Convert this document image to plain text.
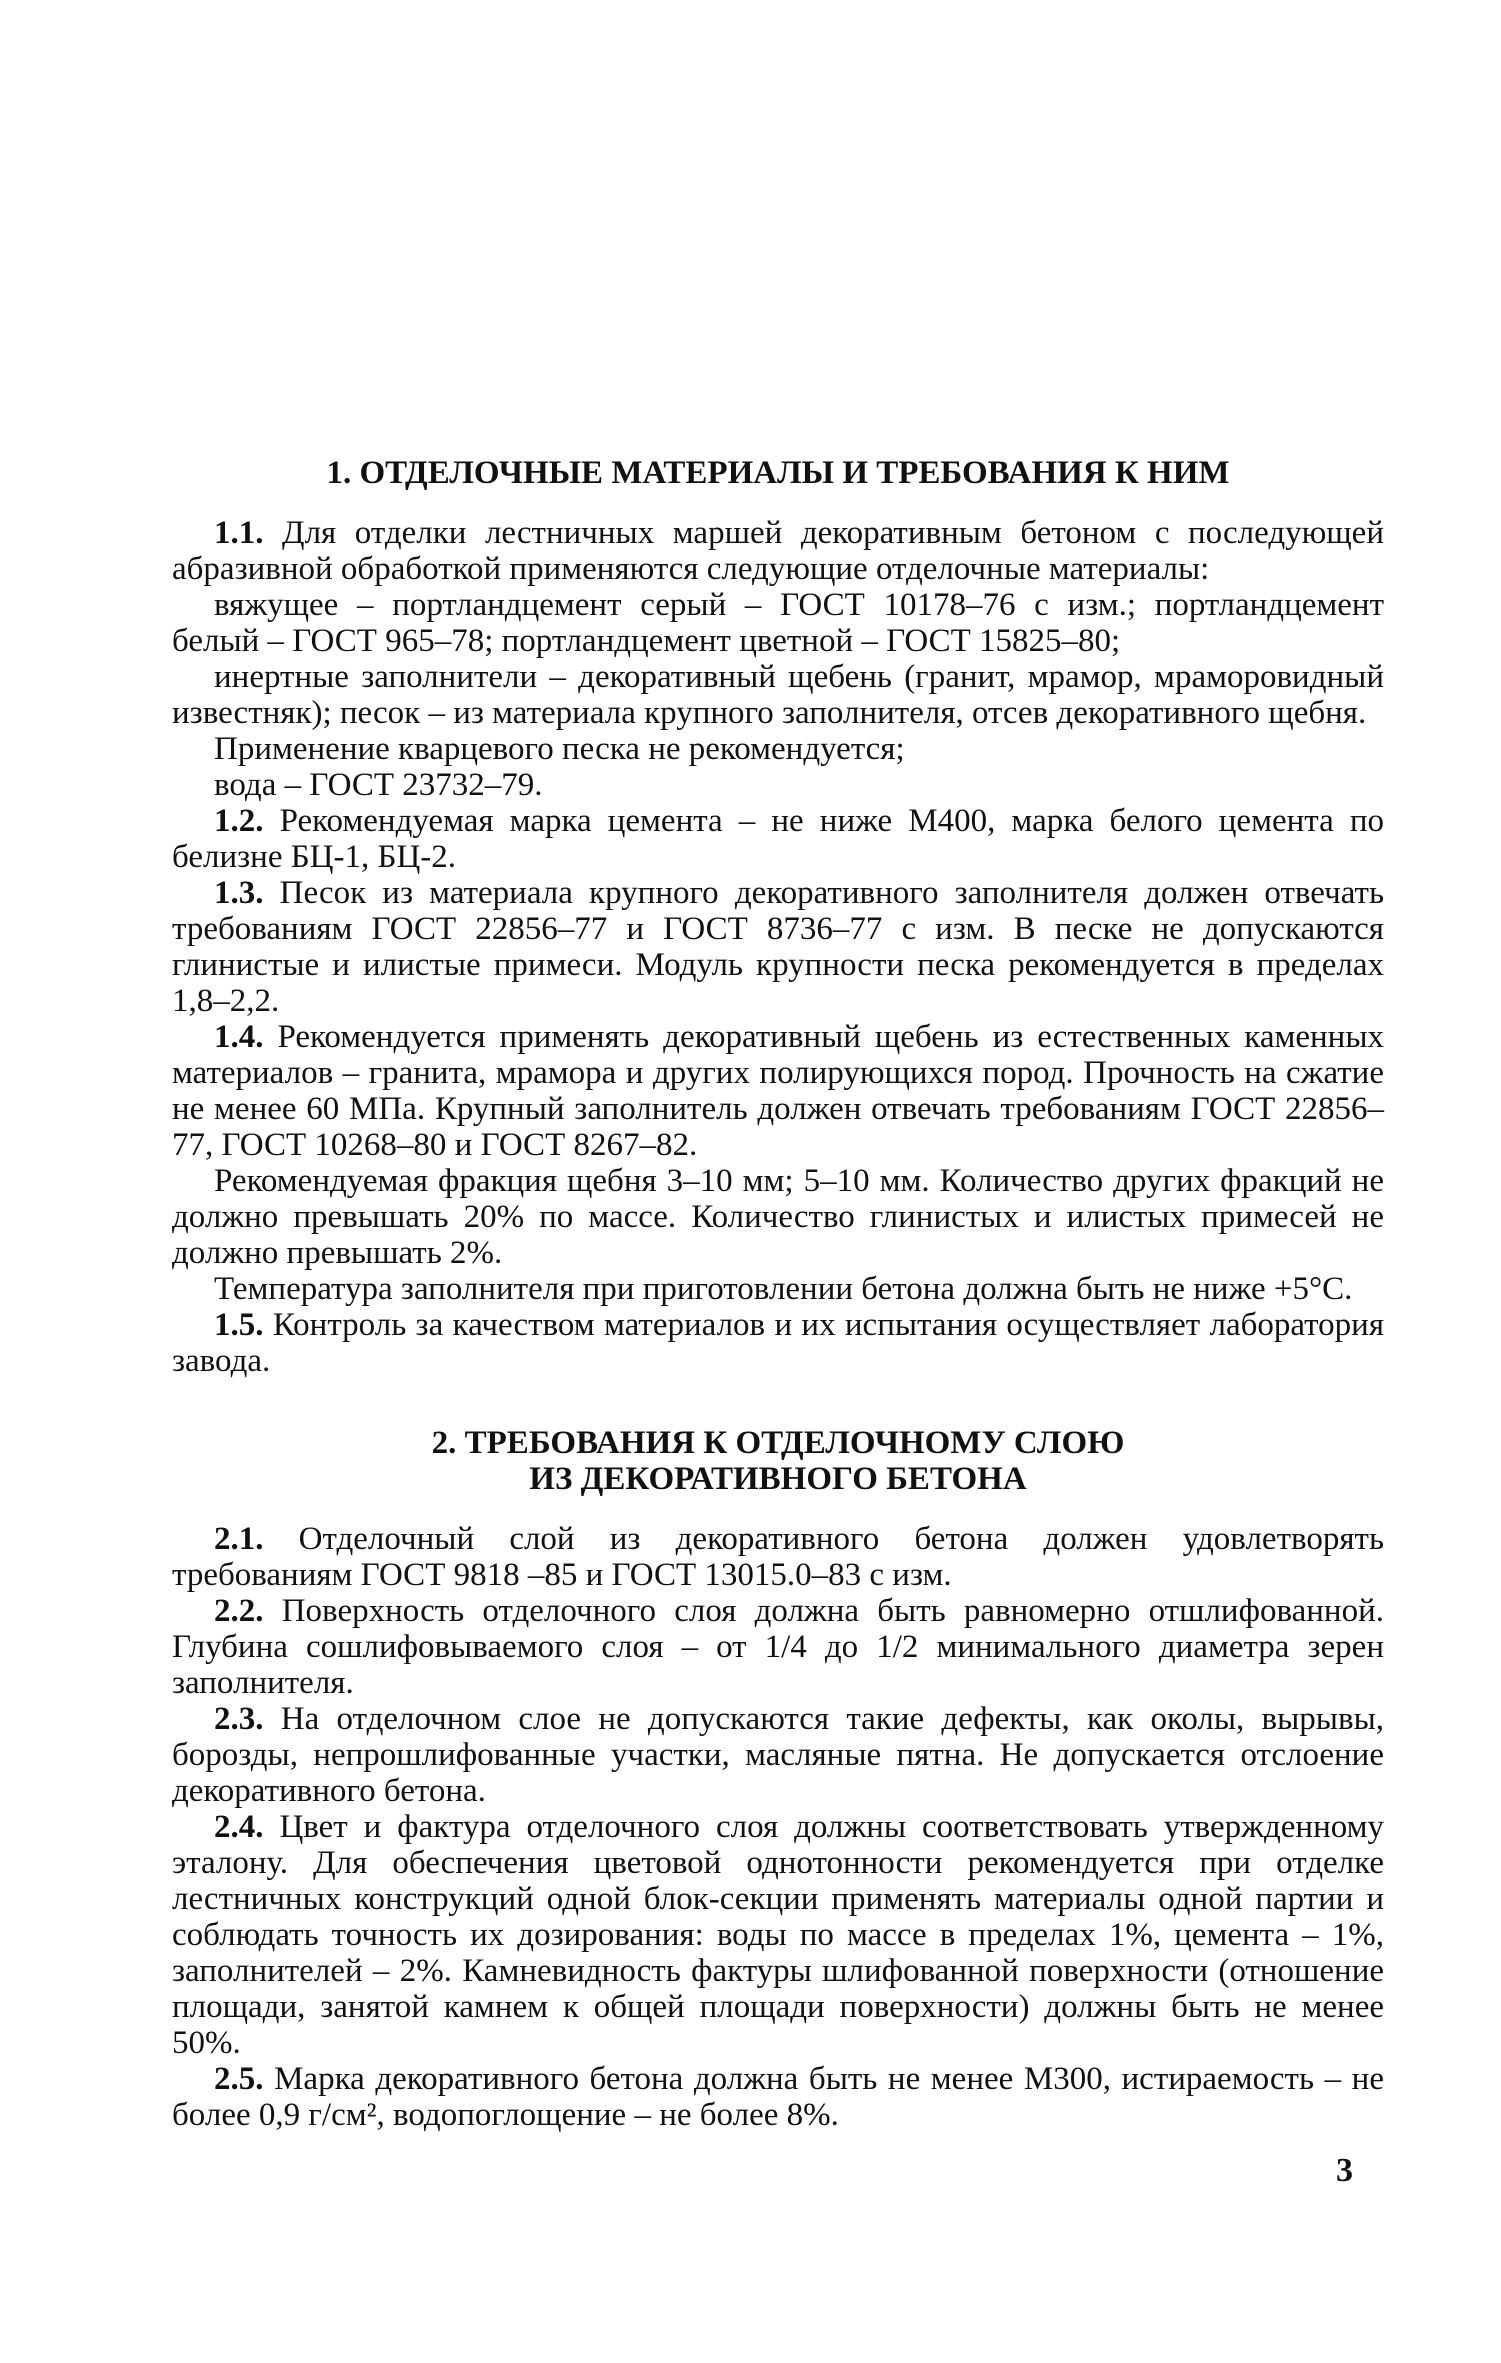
1. ОТДЕЛОЧНЫЕ МАТЕРИАЛЫ И ТРЕБОВАНИЯ К НИМ

1.1. Для отделки лестничных маршей декоративным бетоном с последующей абразивной обработкой применяются следующие отделочные материалы:

вяжущее – портландцемент серый – ГОСТ 10178–76 с изм.; портландцемент белый – ГОСТ 965–78; портландцемент цветной – ГОСТ 15825–80;

инертные заполнители – декоративный щебень (гранит, мрамор, мраморовидный известняк); песок – из материала крупного заполнителя, отсев декоративного щебня.

Применение кварцевого песка не рекомендуется;

вода – ГОСТ 23732–79.

1.2. Рекомендуемая марка цемента – не ниже М400, марка белого цемента по белизне БЦ-1, БЦ-2.

1.3. Песок из материала крупного декоративного заполнителя должен отвечать требованиям ГОСТ 22856–77 и ГОСТ 8736–77 с изм. В песке не допускаются глинистые и илистые примеси. Модуль крупности песка рекомендуется в пределах 1,8–2,2.

1.4. Рекомендуется применять декоративный щебень из естественных каменных материалов – гранита, мрамора и других полирующихся пород. Прочность на сжатие не менее 60 МПа. Крупный заполнитель должен отвечать требованиям ГОСТ 22856–77, ГОСТ 10268–80 и ГОСТ 8267–82.

Рекомендуемая фракция щебня 3–10 мм; 5–10 мм. Количество других фракций не должно превышать 20% по массе. Количество глинистых и илистых примесей не должно превышать 2%.

Температура заполнителя при приготовлении бетона должна быть не ниже +5°С.

1.5. Контроль за качеством материалов и их испытания осуществляет лаборатория завода.

2. ТРЕБОВАНИЯ К ОТДЕЛОЧНОМУ СЛОЮ
ИЗ ДЕКОРАТИВНОГО БЕТОНА

2.1. Отделочный слой из декоративного бетона должен удовлетворять требованиям ГОСТ 9818 –85 и ГОСТ 13015.0–83 с изм.

2.2. Поверхность отделочного слоя должна быть равномерно отшлифованной. Глубина сошлифовываемого слоя – от 1/4 до 1/2 минимального диаметра зерен заполнителя.

2.3. На отделочном слое не допускаются такие дефекты, как околы, вырывы, борозды, непрошлифованные участки, масляные пятна. Не допускается отслоение декоративного бетона.

2.4. Цвет и фактура отделочного слоя должны соответствовать утвержденному эталону. Для обеспечения цветовой однотонности рекомендуется при отделке лестничных конструкций одной блок-секции применять материалы одной партии и соблюдать точность их дозирования: воды по массе в пределах 1%, цемента – 1%, заполнителей – 2%. Камневидность фактуры шлифованной поверхности (отношение площади, занятой камнем к общей площади поверхности) должны быть не менее 50%.

2.5. Марка декоративного бетона должна быть не менее М300, истираемость – не более 0,9 г/см², водопоглощение – не более 8%.

3
